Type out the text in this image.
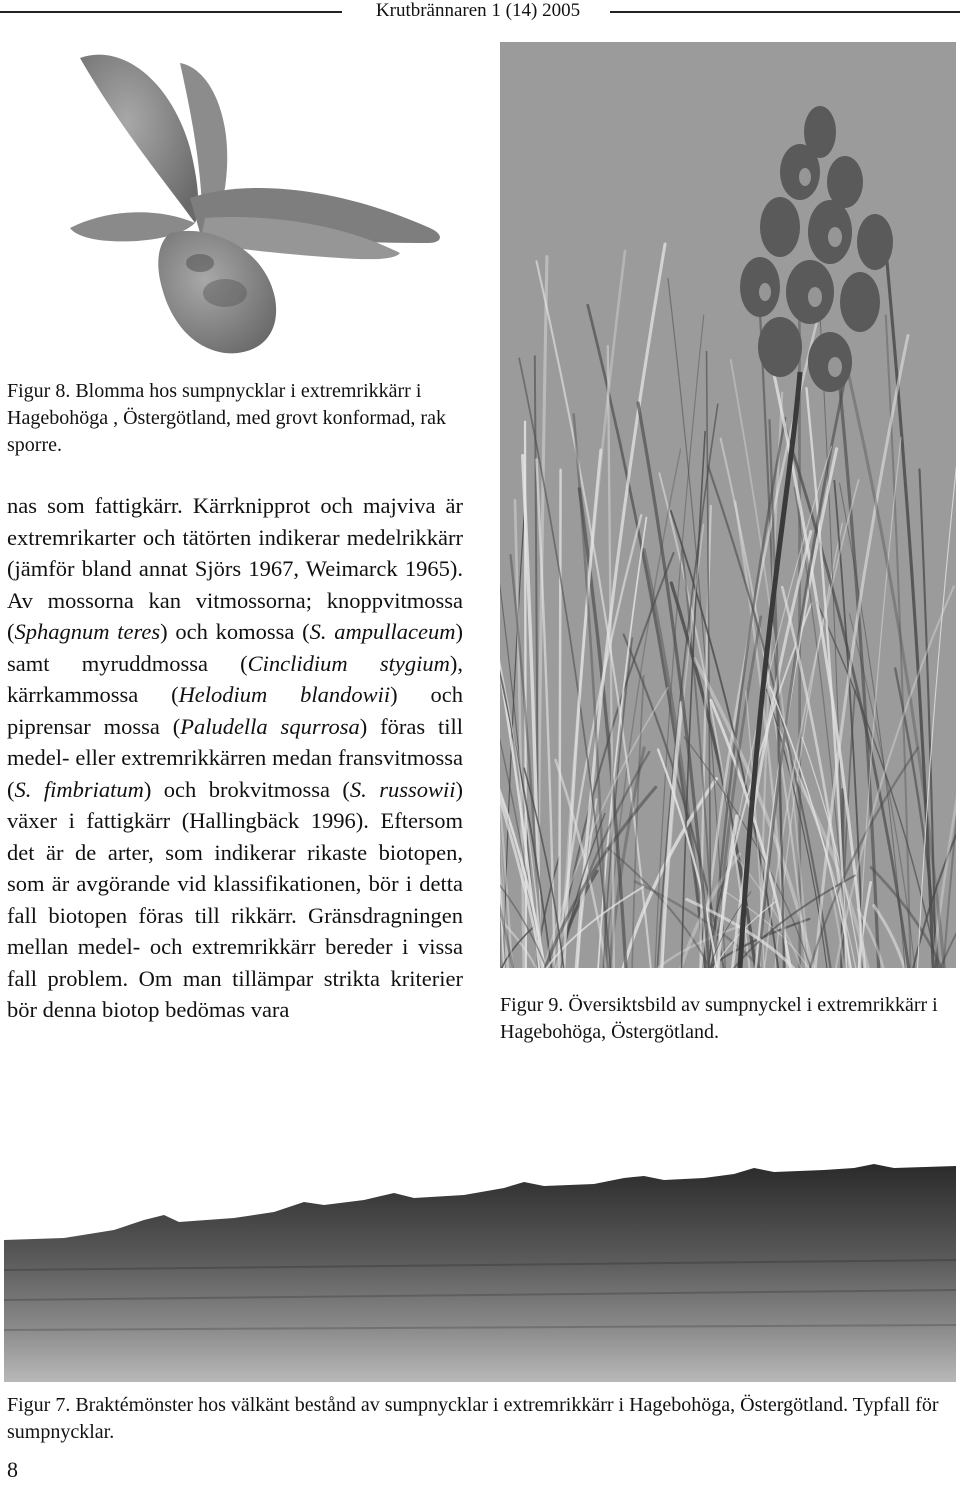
Krutbrännaren 1 (14) 2005
Figur 8. Blomma hos sumpnycklar i extremrikkärr i Hagebohöga , Östergötland, med grovt konformad, rak sporre.
nas som fattigkärr. Kärrknipprot och majviva är extremrikarter och tätörten indikerar medelrikkärr (jämför bland annat Sjörs 1967, Weimarck 1965). Av mossorna kan vitmossorna; knoppvitmossa (Sphagnum teres) och komossa (S. ampullaceum) samt myruddmossa (Cinclidium stygium), kärrkammossa (Helodium blandowii) och piprensar mossa (Paludella squrrosa) föras till medel- eller extremrikkärren medan fransvitmossa (S. fimbriatum) och brokvitmossa (S. russowii) växer i fattigkärr (Hallingbäck 1996). Eftersom det är de arter, som indikerar rikaste biotopen, som är avgörande vid klassifikationen, bör i detta fall biotopen föras till rikkärr. Gränsdragningen mellan medel- och extremrikkärr bereder i vissa fall problem. Om man tillämpar strikta kriterier bör denna biotop bedömas vara	Figur 9. Översiktsbild av sumpnyckel i extremrikkärr i Hagebohöga, Östergötland.
Figur 7. Braktémönster hos välkänt bestånd av sumpnycklar i extremrikkärr i Hagebohöga, Östergötland. Typfall för sumpnycklar.
8
